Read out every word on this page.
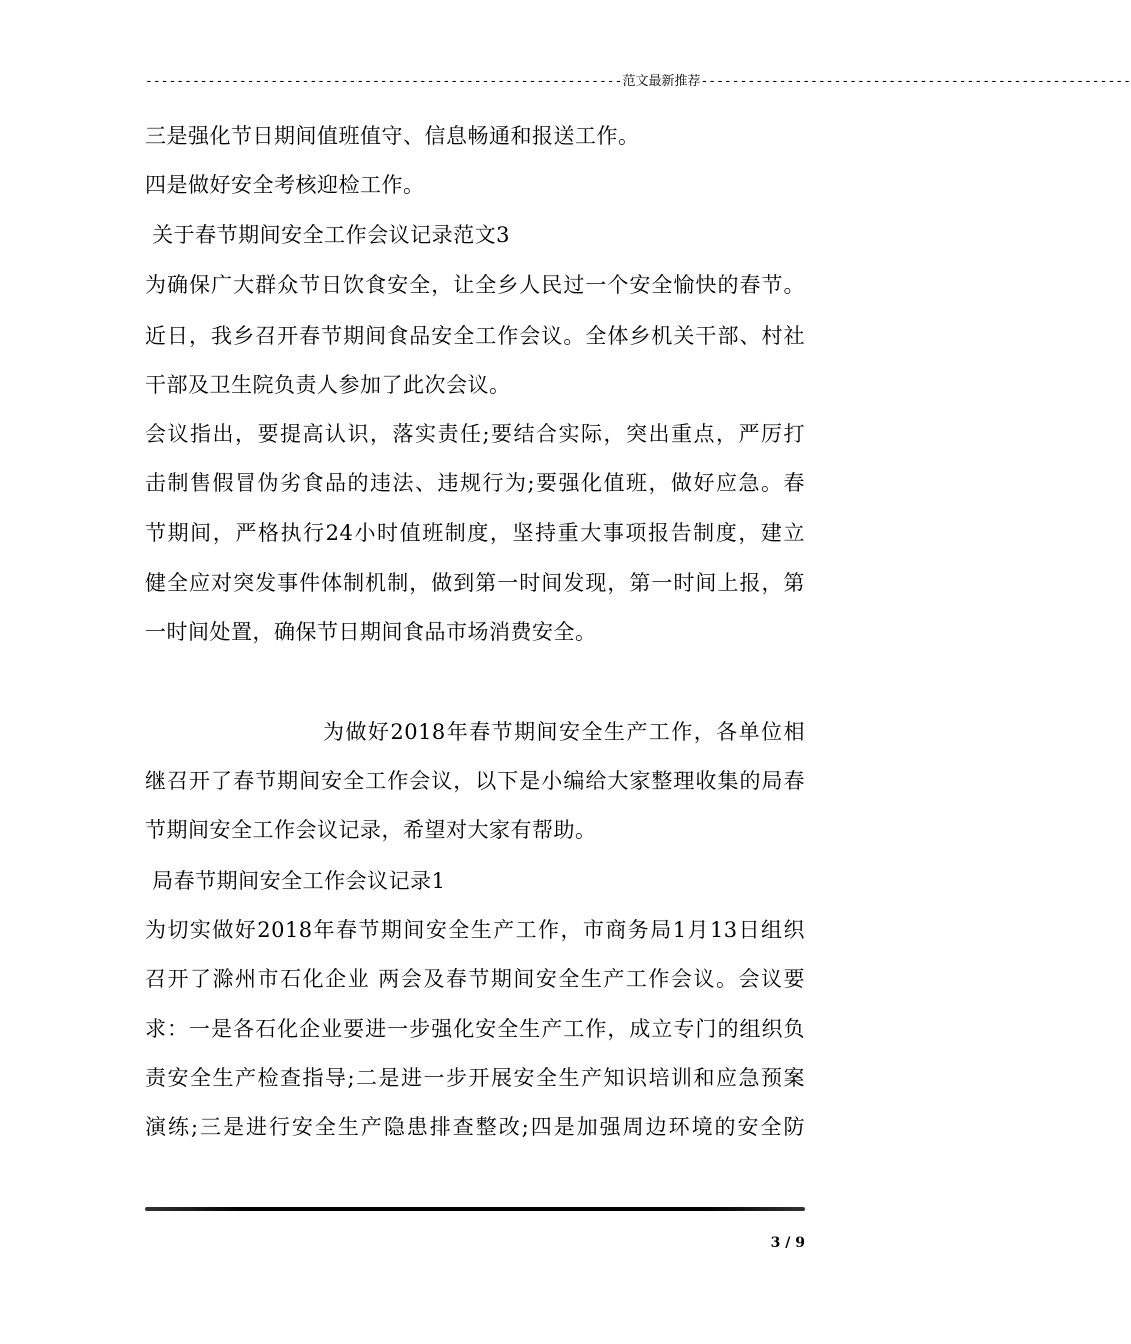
-------------------------------------------------------------范文最新推荐-------------------------------------------------------
三是强化节日期间值班值守、信息畅通和报送工作。
四是做好安全考核迎检工作。
关于春节期间安全工作会议记录范文3
为确保广大群众节日饮食安全，让全乡人民过一个安全愉快的春节。
近日，我乡召开春节期间食品安全工作会议。全体乡机关干部、村社
干部及卫生院负责人参加了此次会议。
会议指出，要提高认识，落实责任;要结合实际，突出重点，严厉打
击制售假冒伪劣食品的违法、违规行为;要强化值班，做好应急。春
节期间，严格执行24小时值班制度，坚持重大事项报告制度，建立
健全应对突发事件体制机制，做到第一时间发现，第一时间上报，第
一时间处置，确保节日期间食品市场消费安全。
为做好2018年春节期间安全生产工作，各单位相
继召开了春节期间安全工作会议，以下是小编给大家整理收集的局春
节期间安全工作会议记录，希望对大家有帮助。
局春节期间安全工作会议记录1
为切实做好2018年春节期间安全生产工作，市商务局1月13日组织
召开了滁州市石化企业 两会及春节期间安全生产工作会议。会议要
求：一是各石化企业要进一步强化安全生产工作，成立专门的组织负
责安全生产检查指导;二是进一步开展安全生产知识培训和应急预案
演练;三是进行安全生产隐患排查整改;四是加强周边环境的安全防
3 / 9
